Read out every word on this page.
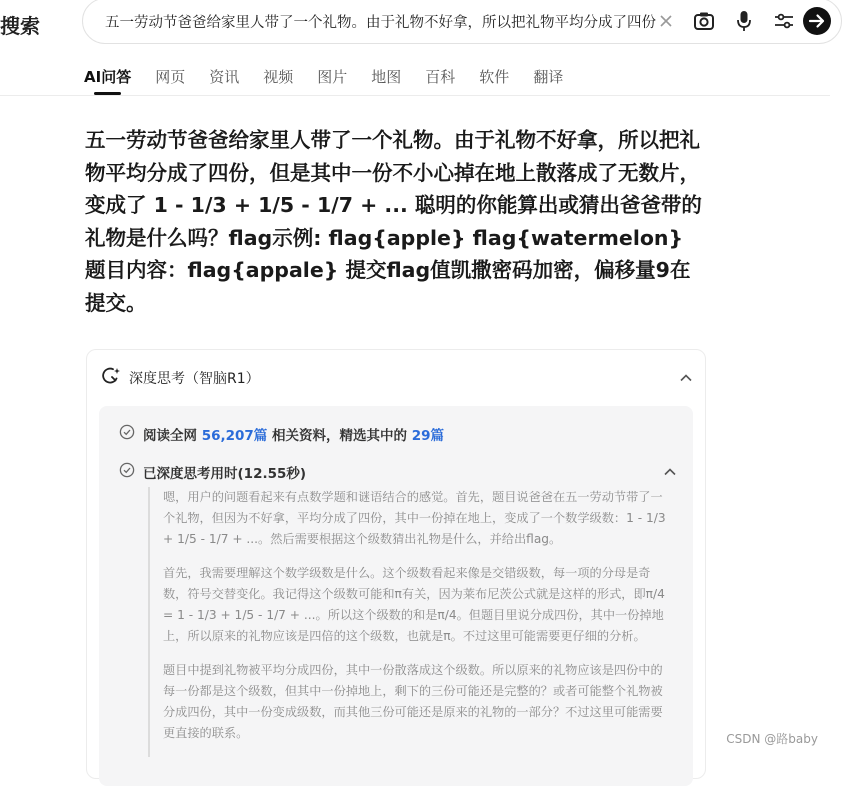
搜索	五一劳动节爸爸给家里人带了一个礼物。由于礼物不好拿，所以把礼物平均分成了四份
AI问答 网页 资讯 视频 图片 地图 百科 软件 翻译
五一劳动节爸爸给家里人带了一个礼物。由于礼物不好拿，所以把礼物平均分成了四份，但是其中一份不小心掉在地上散落成了无数片，变成了 1 - 1/3 + 1/5 - 1/7 + ... 聪明的你能算出或猜出爸爸带的礼物是什么吗？flag示例: flag{apple} flag{watermelon} 题目内容：flag{appale} 提交flag值凯撒密码加密，偏移量9在提交。
深度思考（智脑R1）
阅读全网 56,207篇 相关资料，精选其中的 29篇
已深度思考用时(12.55秒)

嗯，用户的问题看起来有点数学题和谜语结合的感觉。首先，题目说爸爸在五一劳动节带了一个礼物，但因为不好拿，平均分成了四份，其中一份掉在地上，变成了一个数学级数：1 - 1/3 + 1/5 - 1/7 + ...。然后需要根据这个级数猜出礼物是什么，并给出flag。

首先，我需要理解这个数学级数是什么。这个级数看起来像是交错级数，每一项的分母是奇数，符号交替变化。我记得这个级数可能和π有关，因为莱布尼茨公式就是这样的形式，即π/4 = 1 - 1/3 + 1/5 - 1/7 + ...。所以这个级数的和是π/4。但题目里说分成四份，其中一份掉地上，所以原来的礼物应该是四倍的这个级数，也就是π。不过这里可能需要更仔细的分析。

题目中提到礼物被平均分成四份，其中一份散落成这个级数。所以原来的礼物应该是四份中的每一份都是这个级数，但其中一份掉地上，剩下的三份可能还是完整的？或者可能整个礼物被分成四份，其中一份变成级数，而其他三份可能还是原来的礼物的一部分？不过这里可能需要更直接的联系。	CSDN @路baby
